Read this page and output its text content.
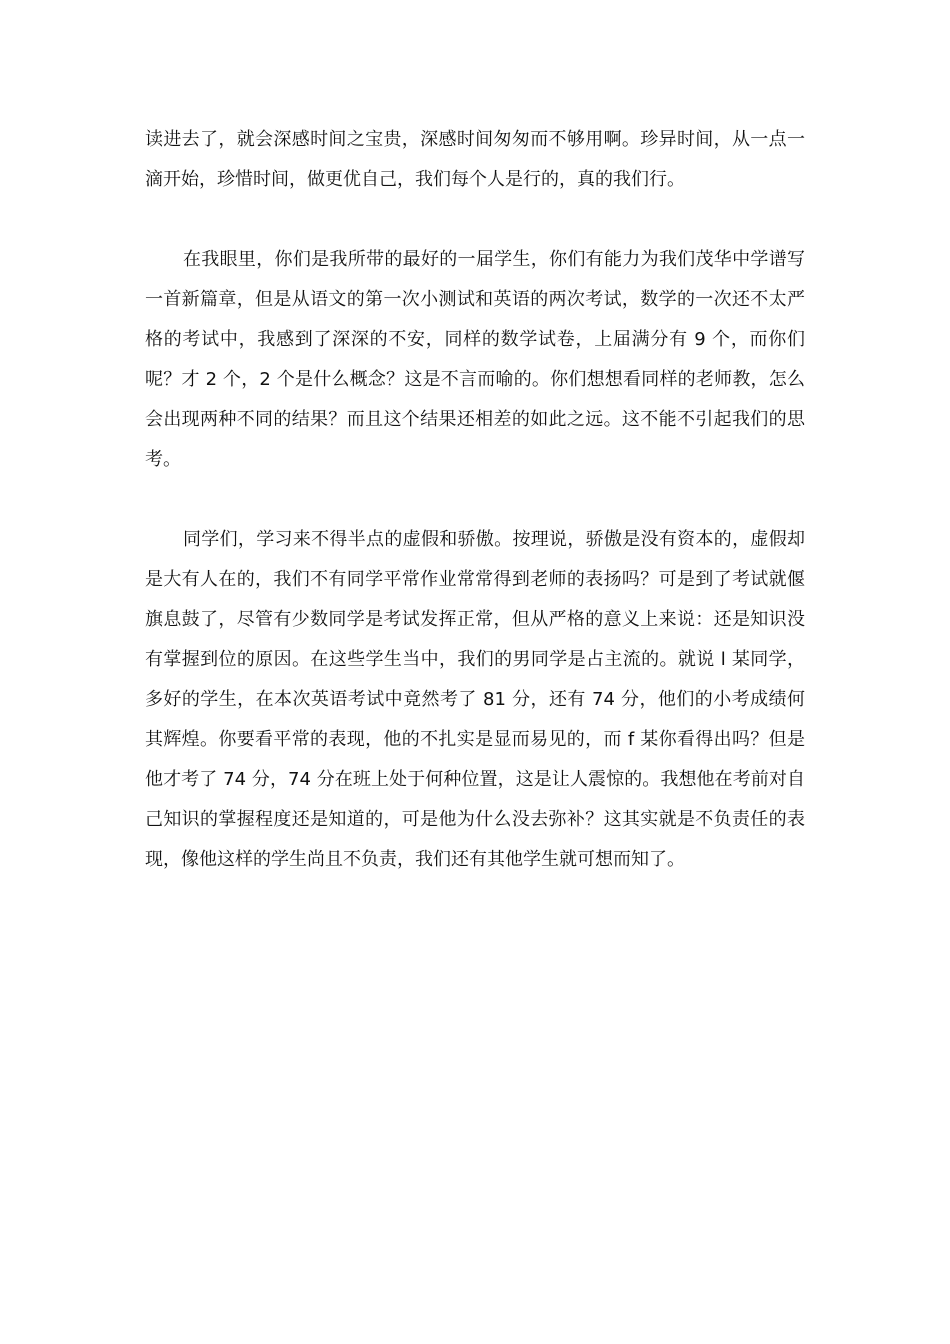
读进去了，就会深感时间之宝贵，深感时间匆匆而不够用啊。珍异时间，从一点一滴开始，珍惜时间，做更优自己，我们每个人是行的，真的我们行。

在我眼里，你们是我所带的最好的一届学生，你们有能力为我们茂华中学谱写一首新篇章，但是从语文的第一次小测试和英语的两次考试，数学的一次还不太严格的考试中，我感到了深深的不安，同样的数学试卷，上届满分有 9 个，而你们呢？才 2 个，2 个是什么概念？这是不言而喻的。你们想想看同样的老师教，怎么会出现两种不同的结果？而且这个结果还相差的如此之远。这不能不引起我们的思考。

同学们，学习来不得半点的虚假和骄傲。按理说，骄傲是没有资本的，虚假却是大有人在的，我们不有同学平常作业常常得到老师的表扬吗？可是到了考试就偃旗息鼓了，尽管有少数同学是考试发挥正常，但从严格的意义上来说：还是知识没有掌握到位的原因。在这些学生当中，我们的男同学是占主流的。就说 l 某同学，多好的学生，在本次英语考试中竟然考了 81 分，还有 74 分，他们的小考成绩何其辉煌。你要看平常的表现，他的不扎实是显而易见的，而 f 某你看得出吗？但是他才考了 74 分，74 分在班上处于何种位置，这是让人震惊的。我想他在考前对自己知识的掌握程度还是知道的，可是他为什么没去弥补？这其实就是不负责任的表现，像他这样的学生尚且不负责，我们还有其他学生就可想而知了。
